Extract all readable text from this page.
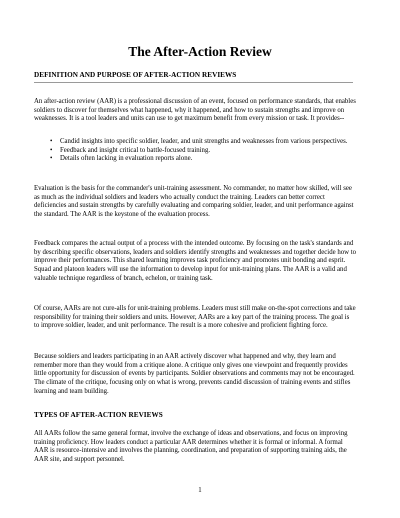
The After-Action Review
DEFINITION AND PURPOSE OF AFTER-ACTION REVIEWS

An after-action review (AAR) is a professional discussion of an event, focused on performance standards, that enables soldiers to discover for themselves what happened, why it happened, and how to sustain strengths and improve on weaknesses. It is a tool leaders and units can use to get maximum benefit from every mission or task. It provides--

• Candid insights into specific soldier, leader, and unit strengths and weaknesses from various perspectives.
• Feedback and insight critical to battle-focused training.
• Details often lacking in evaluation reports alone.

Evaluation is the basis for the commander's unit-training assessment. No commander, no matter how skilled, will see as much as the individual soldiers and leaders who actually conduct the training. Leaders can better correct deficiencies and sustain strengths by carefully evaluating and comparing soldier, leader, and unit performance against the standard. The AAR is the keystone of the evaluation process.

Feedback compares the actual output of a process with the intended outcome. By focusing on the task's standards and by describing specific observations, leaders and soldiers identify strengths and weaknesses and together decide how to improve their performances. This shared learning improves task proficiency and promotes unit bonding and esprit. Squad and platoon leaders will use the information to develop input for unit-training plans. The AAR is a valid and valuable technique regardless of branch, echelon, or training task.

Of course, AARs are not cure-alls for unit-training problems. Leaders must still make on-the-spot corrections and take responsibility for training their soldiers and units. However, AARs are a key part of the training process. The goal is to improve soldier, leader, and unit performance. The result is a more cohesive and proficient fighting force.

Because soldiers and leaders participating in an AAR actively discover what happened and why, they learn and remember more than they would from a critique alone. A critique only gives one viewpoint and frequently provides little opportunity for discussion of events by participants. Soldier observations and comments may not be encouraged. The climate of the critique, focusing only on what is wrong, prevents candid discussion of training events and stifles learning and team building.

TYPES OF AFTER-ACTION REVIEWS

All AARs follow the same general format, involve the exchange of ideas and observations, and focus on improving training proficiency. How leaders conduct a particular AAR determines whether it is formal or informal. A formal AAR is resource-intensive and involves the planning, coordination, and preparation of supporting training aids, the AAR site, and support personnel.

1
